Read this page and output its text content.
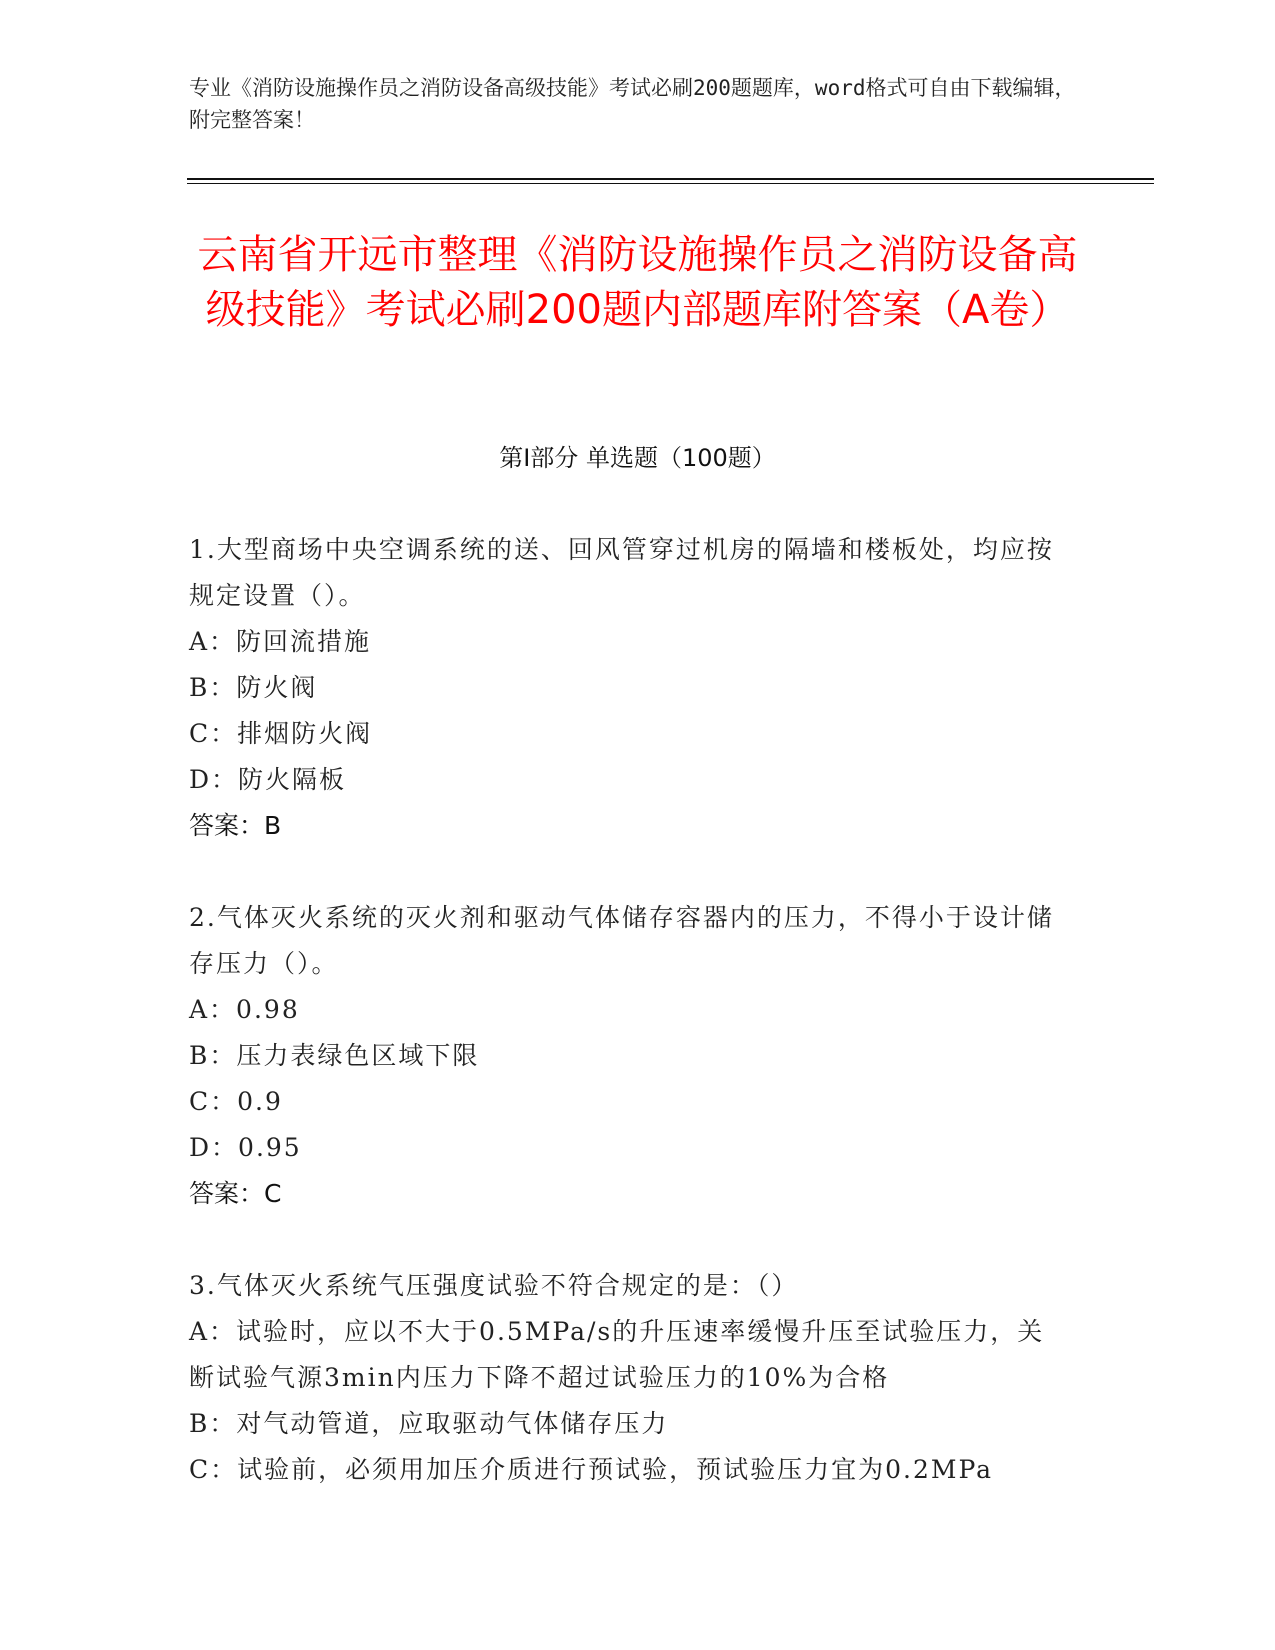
专业《消防设施操作员之消防设备高级技能》考试必刷200题题库，word格式可自由下载编辑，附完整答案！
云南省开远市整理《消防设施操作员之消防设备高级技能》考试必刷200题内部题库附答案（A卷）
第I部分 单选题（100题）
1.大型商场中央空调系统的送、回风管穿过机房的隔墙和楼板处，均应按规定设置（）。
A：防回流措施
B：防火阀
C：排烟防火阀
D：防火隔板
答案：B
2.气体灭火系统的灭火剂和驱动气体储存容器内的压力，不得小于设计储存压力（）。
A：0.98
B：压力表绿色区域下限
C：0.9
D：0.95
答案：C
3.气体灭火系统气压强度试验不符合规定的是：（）
A：试验时，应以不大于0.5MPa/s的升压速率缓慢升压至试验压力，关断试验气源3min内压力下降不超过试验压力的10%为合格
B：对气动管道，应取驱动气体储存压力
C：试验前，必须用加压介质进行预试验，预试验压力宜为0.2MPa
